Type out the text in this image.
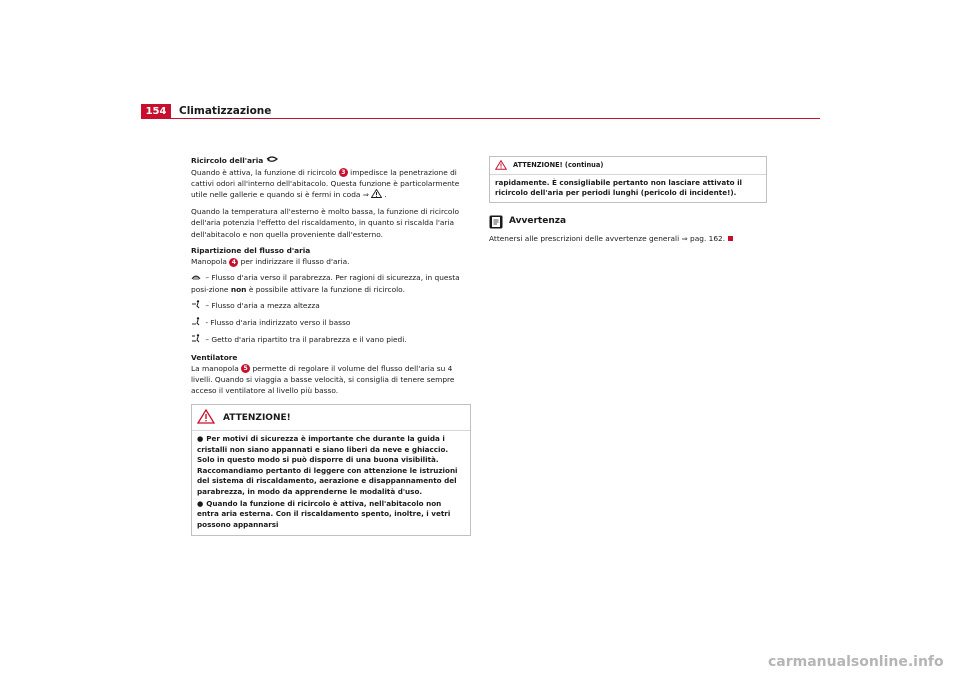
154	Climatizzazione

Ricircolo dell'aria

Quando è attiva, la funzione di ricircolo 3 impedisce la penetrazione di cattivi odori all'interno dell'abitacolo. Questa funzione è particolarmente utile nelle gallerie e quando si è fermi in coda ⇒ .

Quando la temperatura all'esterno è molto bassa, la funzione di ricircolo dell'aria potenzia l'effetto del riscaldamento, in quanto si riscalda l'aria dell'abitacolo e non quella proveniente dall'esterno.

Ripartizione del flusso d'aria

Manopola 4 per indirizzare il flusso d'aria.

– Flusso d'aria verso il parabrezza. Per ragioni di sicurezza, in questa posi-zione non è possibile attivare la funzione di ricircolo.

– Flusso d'aria a mezza altezza

- Flusso d'aria indirizzato verso il basso

– Getto d'aria ripartito tra il parabrezza e il vano piedi.

Ventilatore

La manopola 5 permette di regolare il volume del flusso dell'aria su 4 livelli. Quando si viaggia a basse velocità, si consiglia di tenere sempre acceso il ventilatore al livello più basso.

ATTENZIONE!
● Per motivi di sicurezza è importante che durante la guida i cristalli non siano appannati e siano liberi da neve e ghiaccio. Solo in questo modo si può disporre di una buona visibilità. Raccomandiamo pertanto di leggere con attenzione le istruzioni del sistema di riscaldamento, aerazione e disappannamento del parabrezza, in modo da apprenderne le modalità d'uso.
● Quando la funzione di ricircolo è attiva, nell'abitacolo non entra aria esterna. Con il riscaldamento spento, inoltre, i vetri possono appannarsi
ATTENZIONE! (continua)
rapidamente. È consigliabile pertanto non lasciare attivato il ricircolo dell'aria per periodi lunghi (pericolo di incidente!).
Avvertenza

Attenersi alle prescrizioni delle avvertenze generali ⇒ pag. 162.

carmanualsonline.info
